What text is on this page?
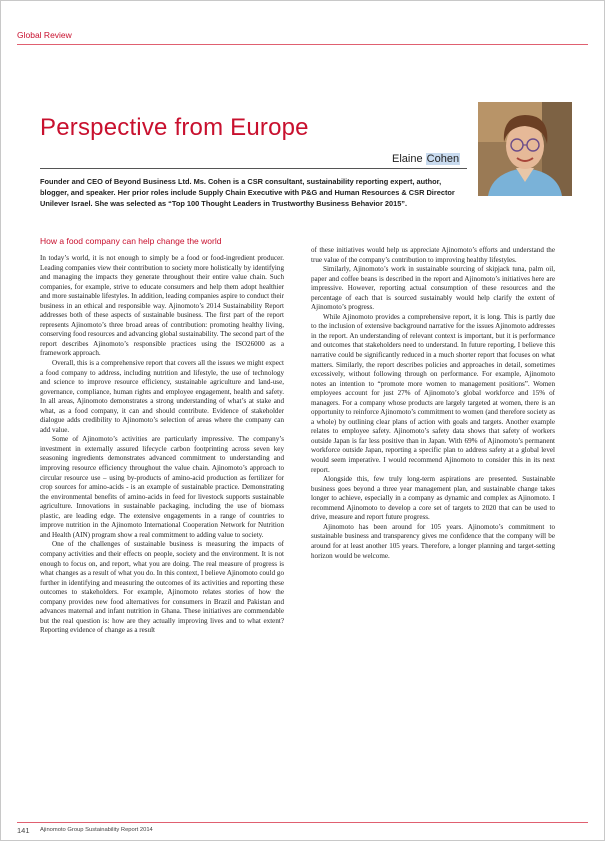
Global Review
Perspective from Europe
Elaine Cohen

Founder and CEO of Beyond Business Ltd. Ms. Cohen is a CSR consultant, sustainability reporting expert, author, blogger, and speaker. Her prior roles include Supply Chain Executive with P&G and Human Resources & CSR Director Unilever Israel. She was selected as “Top 100 Thought Leaders in Trustworthy Business Behavior 2015”.

How a food company can help change the world

In today’s world, it is not enough to simply be a food or food-ingredient producer. Leading companies view their contribution to society more holistically by identifying and managing the impacts they generate throughout their entire value chain. Such companies, for example, strive to educate consumers and help them adopt healthier and more sustainable lifestyles. In addition, leading companies aspire to conduct their business in an ethical and responsible way. Ajinomoto’s 2014 Sustainability Report addresses both of these aspects of sustainable business. The first part of the report represents Ajinomoto’s three broad areas of contribution: promoting healthy living, conserving food resources and advancing global sustainability. The second part of the report describes Ajinomoto’s responsible practices using the ISO26000 as a framework approach.

Overall, this is a comprehensive report that covers all the issues we might expect a food company to address, including nutrition and lifestyle, the use of technology and science to improve resource efficiency, sustainable agriculture and land-use, governance, compliance, human rights and employee engagement, health and safety. In all areas, Ajinomoto demonstrates a strong understanding of what’s at stake and what, as a food company, it can and should contribute. Evidence of stakeholder dialogue adds credibility to Ajinomoto’s selection of areas where the company can add value.

Some of Ajinomoto’s activities are particularly impressive. The company’s investment in externally assured lifecycle carbon footprinting across seven key seasoning ingredients demonstrates advanced commitment to understanding and improving resource efficiency throughout the value chain. Ajinomoto’s approach to circular resource use – using by-products of amino-acid production as fertilizer for crop sources for amino-acids - is an example of sustainable practice. Demonstrating the environmental benefits of amino-acids in feed for livestock supports sustainable agriculture. Innovations in sustainable packaging, including the use of biomass plastic, are leading edge. The extensive engagements in a range of countries to improve nutrition in the Ajinomoto International Cooperation Network for Nutrition and Health (AIN) program show a real commitment to adding value to society.

One of the challenges of sustainable business is measuring the impacts of company activities and their effects on people, society and the environment. It is not enough to focus on, and report, what you are doing. The real measure of progress is what changes as a result of what you do. In this context, I believe Ajinomoto could go further in identifying and measuring the outcomes of its activities and reporting these outcomes to stakeholders. For example, Ajinomoto relates stories of how the company provides new food alternatives for consumers in Brazil and Pakistan and advances maternal and infant nutrition in Ghana. These initiatives are commendable but the real question is: how are they actually improving lives and to what extent? Reporting evidence of change as a result

of these initiatives would help us appreciate Ajinomoto’s efforts and understand the true value of the company’s contribution to improving healthy lifestyles.

Similarly, Ajinomoto’s work in sustainable sourcing of skipjack tuna, palm oil, paper and coffee beans is described in the report and Ajinomoto’s initiatives here are impressive. However, reporting actual consumption of these resources and the percentage of each that is sourced sustainably would help clarify the extent of Ajinomoto’s progress.

While Ajinomoto provides a comprehensive report, it is long. This is partly due to the inclusion of extensive background narrative for the issues Ajinomoto addresses in the report. An understanding of relevant context is important, but it is performance and outcomes that stakeholders need to understand. In future reporting, I believe this narrative could be significantly reduced in a much shorter report that focuses on what matters. Similarly, the report describes policies and approaches in detail, sometimes excessively, without following through on performance. For example, Ajinomoto notes an intention to “promote more women to management positions”. Women employees account for just 27% of Ajinomoto’s global workforce and 15% of managers. For a company whose products are largely targeted at women, there is an opportunity to reinforce Ajinomoto’s commitment to women (and therefore society as a whole) by outlining clear plans of action with goals and targets. Another example relates to employee safety. Ajinomoto’s safety data shows that safety of workers outside Japan is far less positive than in Japan. With 69% of Ajinomoto’s permanent workforce outside Japan, reporting a specific plan to address safety at a global level would seem imperative. I would recommend Ajinomoto to consider this in its next report.

Alongside this, few truly long-term aspirations are presented. Sustainable business goes beyond a three year management plan, and sustainable change takes longer to achieve, especially in a company as dynamic and complex as Ajinomoto. I recommend Ajinomoto to develop a core set of targets to 2020 that can be used to drive, measure and report future progress.

Ajinomoto has been around for 105 years. Ajinomoto’s commitment to sustainable business and transparency gives me confidence that the company will be around for at least another 105 years. Therefore, a longer planning and target-setting horizon would be welcome.

141 Ajinomoto Group Sustainability Report 2014
